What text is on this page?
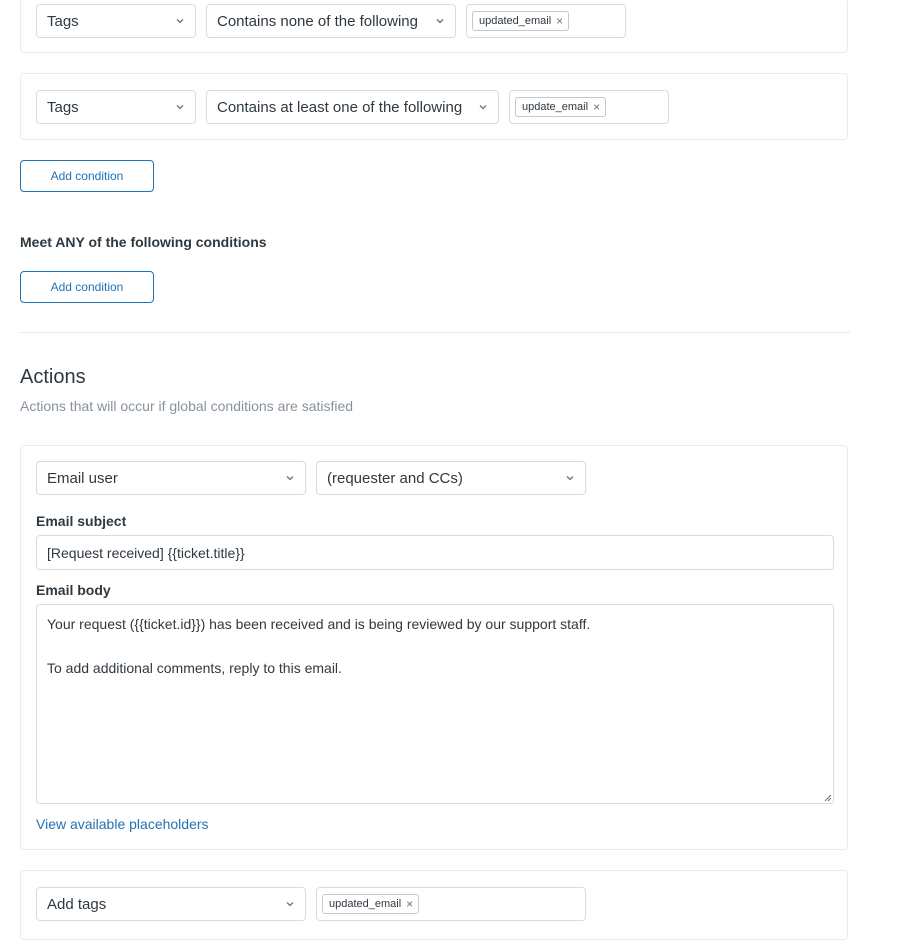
Tags	Contains none of the following	updated_email ×
Tags	Contains at least one of the following	update_email ×
Add condition
Meet ANY of the following conditions
Add condition
Actions
Actions that will occur if global conditions are satisfied
Email user	(requester and CCs)
Email subject
[Request received] {{ticket.title}}
Email body
Your request ({{ticket.id}}) has been received and is being reviewed by our support staff.
To add additional comments, reply to this email.
View available placeholders
Add tags	updated_email ×
